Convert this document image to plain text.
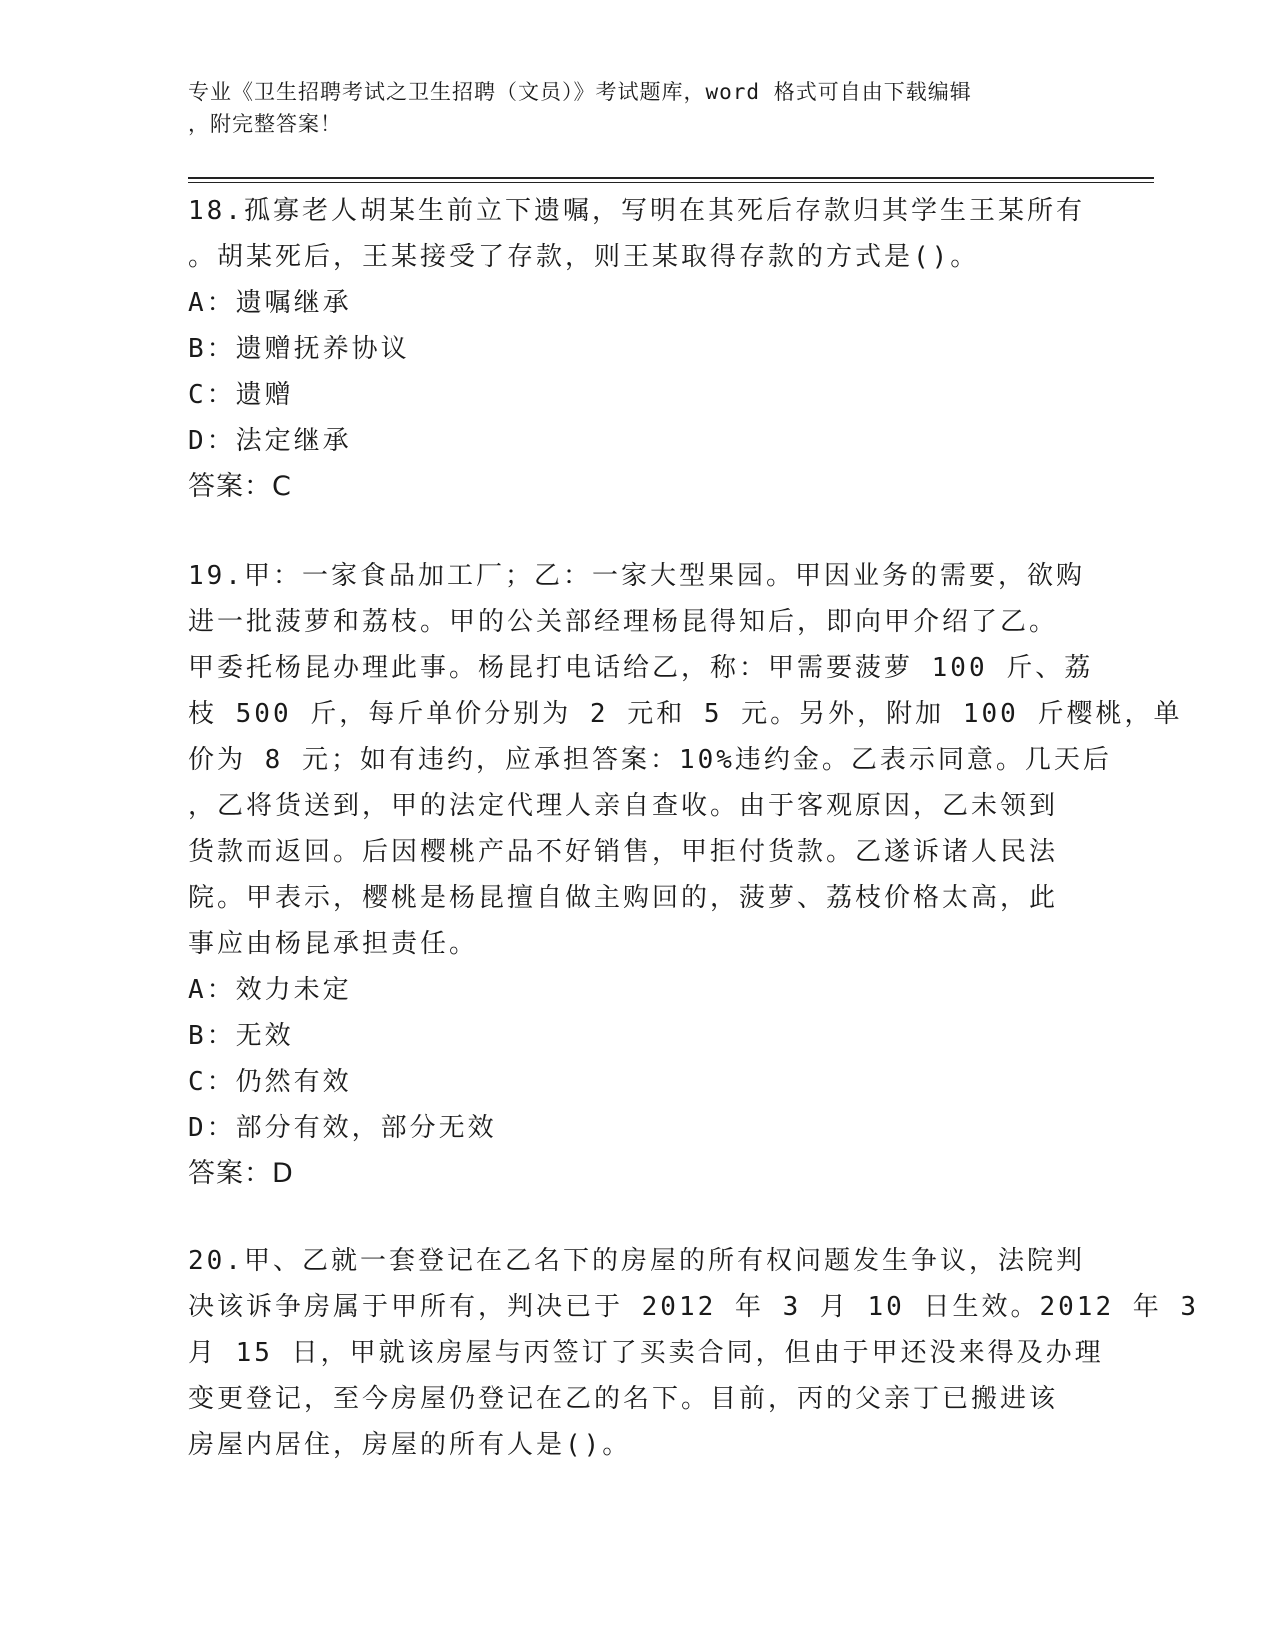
专业《卫生招聘考试之卫生招聘（文员）》考试题库，word 格式可自由下载编辑
，附完整答案！
18.孤寡老人胡某生前立下遗嘱，写明在其死后存款归其学生王某所有
。胡某死后，王某接受了存款，则王某取得存款的方式是()。
A：遗嘱继承
B：遗赠抚养协议
C：遗赠
D：法定继承
答案：C
19.甲：一家食品加工厂；乙：一家大型果园。甲因业务的需要，欲购
进一批菠萝和荔枝。甲的公关部经理杨昆得知后，即向甲介绍了乙。
甲委托杨昆办理此事。杨昆打电话给乙，称：甲需要菠萝 100 斤、荔
枝 500 斤，每斤单价分别为 2 元和 5 元。另外，附加 100 斤樱桃，单
价为 8 元；如有违约，应承担答案：10%违约金。乙表示同意。几天后
，乙将货送到，甲的法定代理人亲自查收。由于客观原因，乙未领到
货款而返回。后因樱桃产品不好销售，甲拒付货款。乙遂诉诸人民法
院。甲表示，樱桃是杨昆擅自做主购回的，菠萝、荔枝价格太高，此
事应由杨昆承担责任。
A：效力未定
B：无效
C：仍然有效
D：部分有效，部分无效
答案：D
20.甲、乙就一套登记在乙名下的房屋的所有权问题发生争议，法院判
决该诉争房属于甲所有，判决已于 2012 年 3 月 10 日生效。2012 年 3
月 15 日，甲就该房屋与丙签订了买卖合同，但由于甲还没来得及办理
变更登记，至今房屋仍登记在乙的名下。目前，丙的父亲丁已搬进该
房屋内居住，房屋的所有人是()。
